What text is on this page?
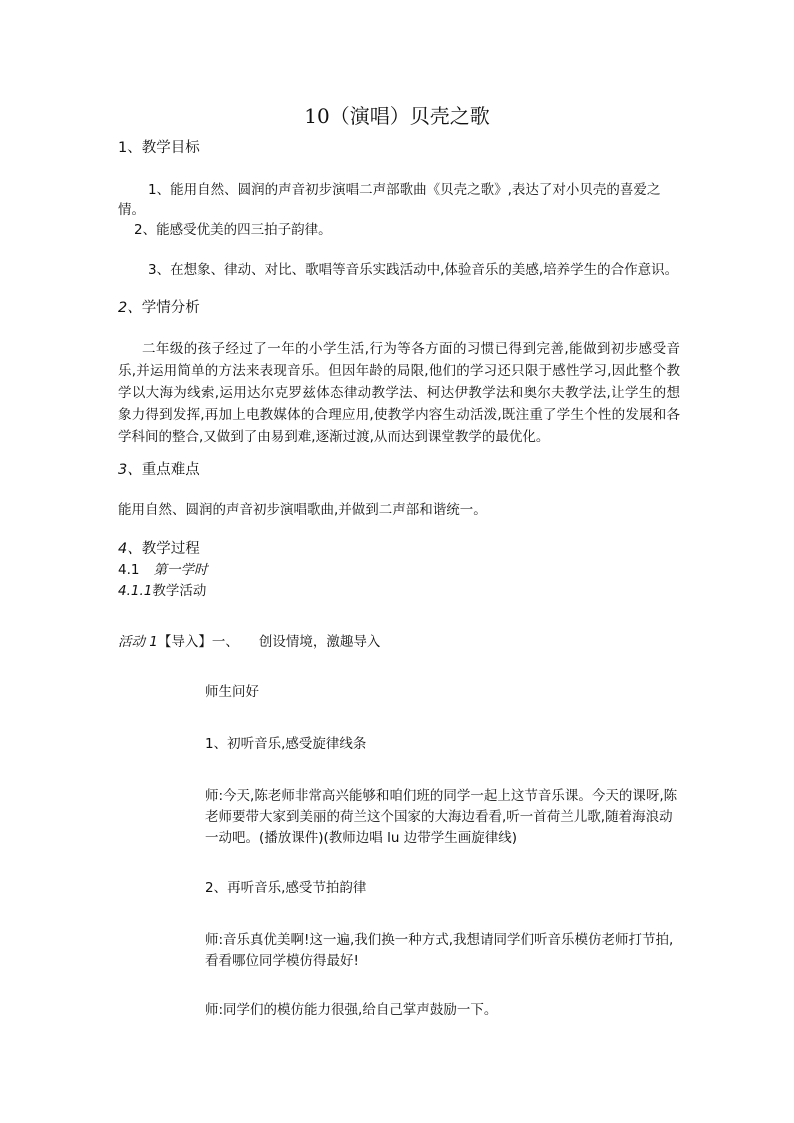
10（演唱）贝壳之歌
1、教学目标
1、能用自然、圆润的声音初步演唱二声部歌曲《贝壳之歌》,表达了对小贝壳的喜爱之
情。
2、能感受优美的四三拍子韵律。
3、在想象、律动、对比、歌唱等音乐实践活动中,体验音乐的美感,培养学生的合作意识。
2、学情分析
二年级的孩子经过了一年的小学生活,行为等各方面的习惯已得到完善,能做到初步感受音乐,并运用简单的方法来表现音乐。但因年龄的局限,他们的学习还只限于感性学习,因此整个教学以大海为线索,运用达尔克罗兹体态律动教学法、柯达伊教学法和奥尔夫教学法,让学生的想象力得到发挥,再加上电教媒体的合理应用,使教学内容生动活泼,既注重了学生个性的发展和各学科间的整合,又做到了由易到难,逐渐过渡,从而达到课堂教学的最优化。
3、重点难点
能用自然、圆润的声音初步演唱歌曲,并做到二声部和谐统一。
4、教学过程
4.1 第一学时
4.1.1教学活动
活动 1【导入】一、 创设情境，激趣导入
师生问好
1、初听音乐,感受旋律线条
师:今天,陈老师非常高兴能够和咱们班的同学一起上这节音乐课。今天的课呀,陈老师要带大家到美丽的荷兰这个国家的大海边看看,听一首荷兰儿歌,随着海浪动一动吧。(播放课件)(教师边唱 lu 边带学生画旋律线)
2、再听音乐,感受节拍韵律
师:音乐真优美啊!这一遍,我们换一种方式,我想请同学们听音乐模仿老师打节拍,看看哪位同学模仿得最好!
师:同学们的模仿能力很强,给自己掌声鼓励一下。
